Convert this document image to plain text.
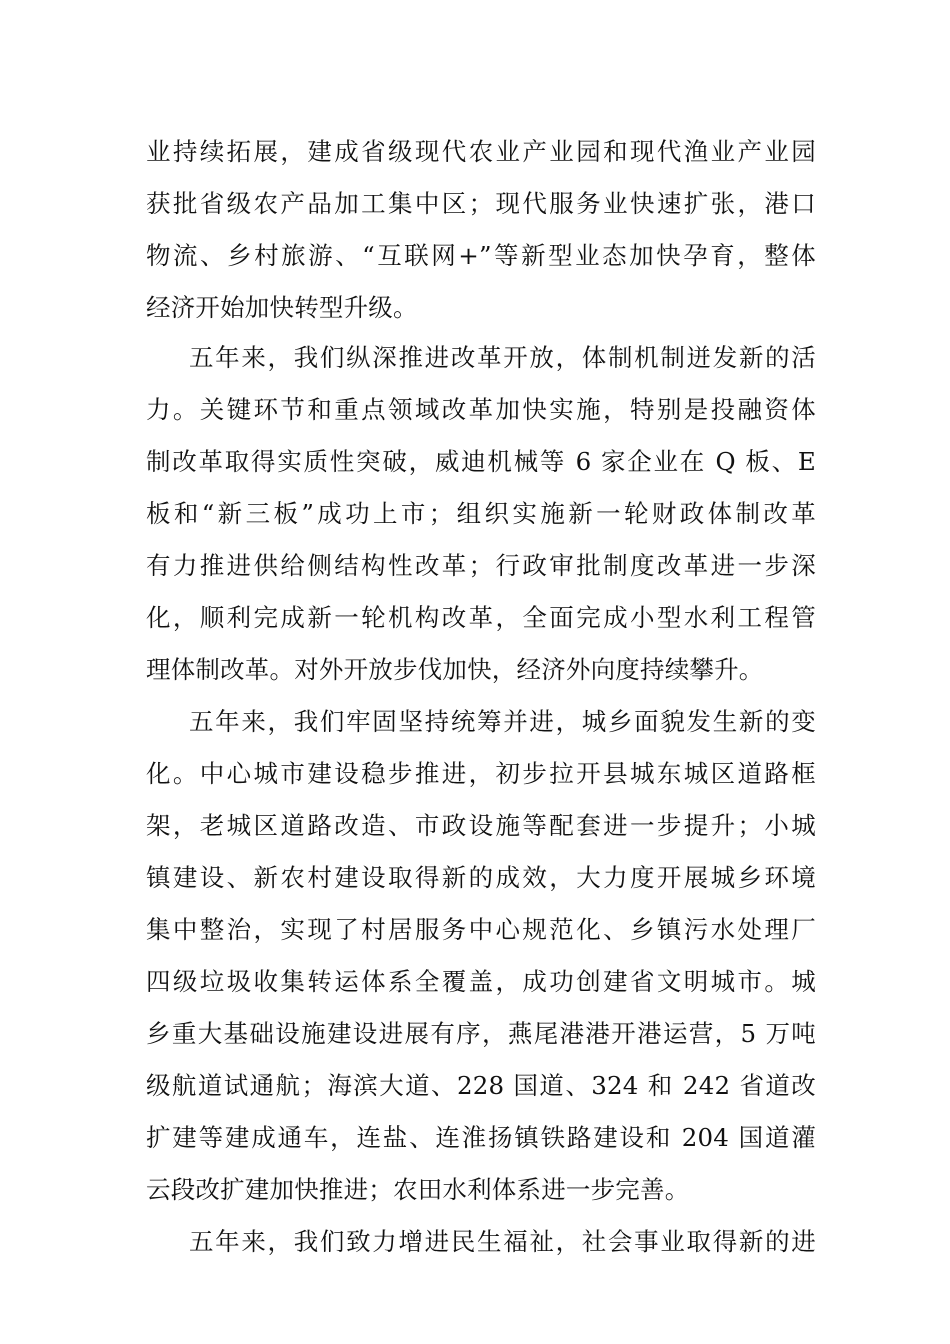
业持续拓展，建成省级现代农业产业园和现代渔业产业园
获批省级农产品加工集中区；现代服务业快速扩张，港口
物流、乡村旅游、“互联网+”等新型业态加快孕育，整体
经济开始加快转型升级。
五年来，我们纵深推进改革开放，体制机制迸发新的活
力。关键环节和重点领域改革加快实施，特别是投融资体
制改革取得实质性突破，威迪机械等 6 家企业在 Q 板、E
板和“新三板”成功上市；组织实施新一轮财政体制改革
有力推进供给侧结构性改革；行政审批制度改革进一步深
化，顺利完成新一轮机构改革，全面完成小型水利工程管
理体制改革。对外开放步伐加快，经济外向度持续攀升。
五年来，我们牢固坚持统筹并进，城乡面貌发生新的变
化。中心城市建设稳步推进，初步拉开县城东城区道路框
架，老城区道路改造、市政设施等配套进一步提升；小城
镇建设、新农村建设取得新的成效，大力度开展城乡环境
集中整治，实现了村居服务中心规范化、乡镇污水处理厂
四级垃圾收集转运体系全覆盖，成功创建省文明城市。城
乡重大基础设施建设进展有序，燕尾港港开港运营，5 万吨
级航道试通航；海滨大道、228 国道、324 和 242 省道改
扩建等建成通车，连盐、连淮扬镇铁路建设和 204 国道灌
云段改扩建加快推进；农田水利体系进一步完善。
五年来，我们致力增进民生福祉，社会事业取得新的进
